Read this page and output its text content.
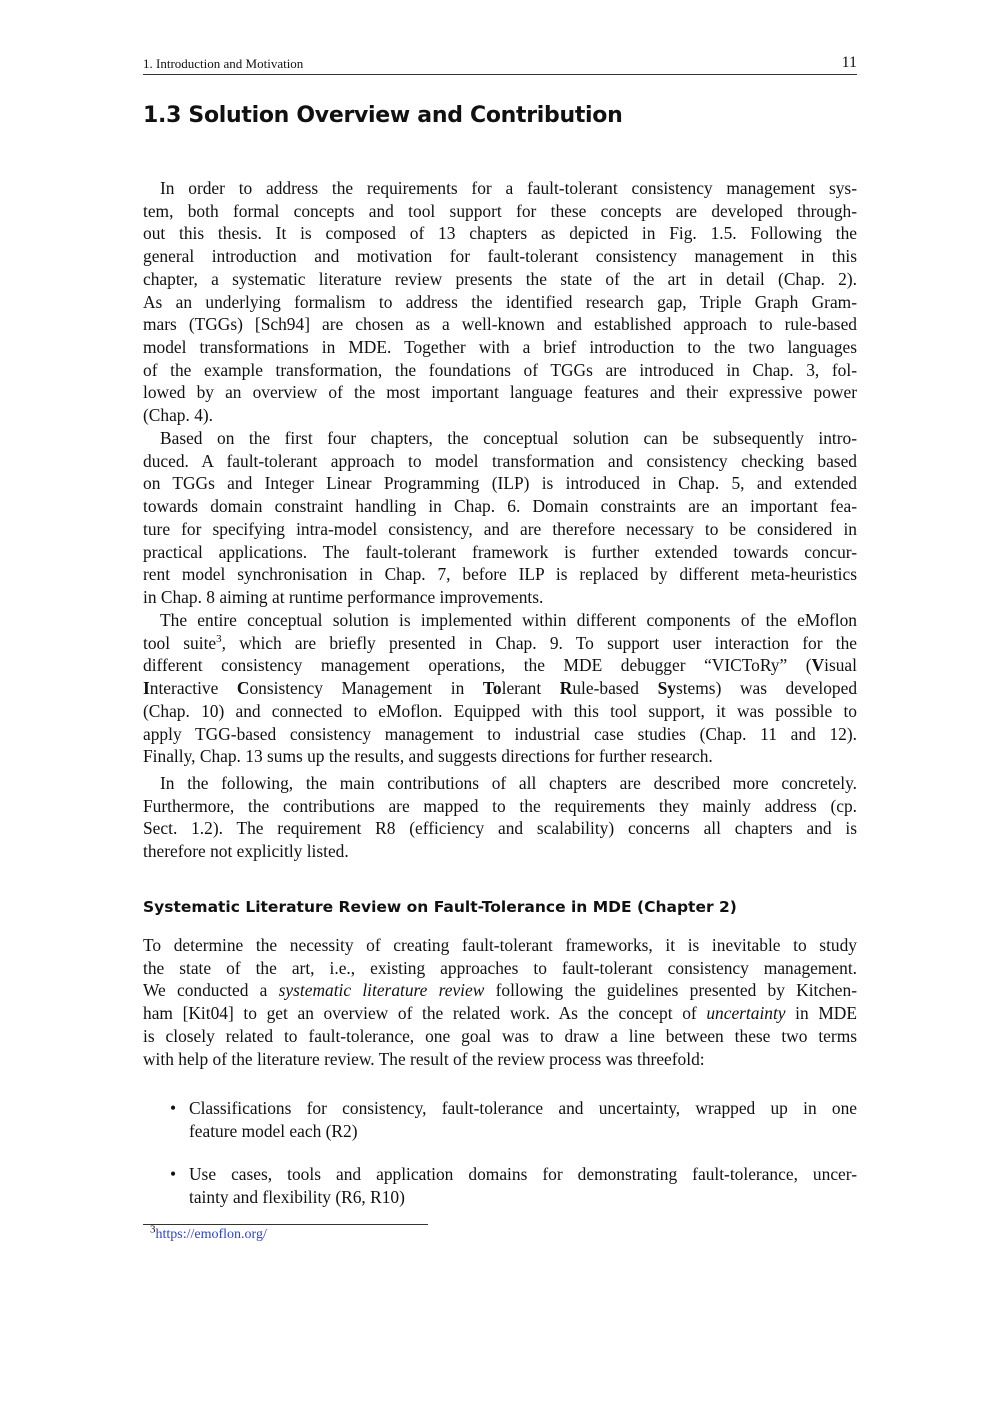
1. Introduction and Motivation	11
1.3 Solution Overview and Contribution
In order to address the requirements for a fault-tolerant consistency management sys-
tem, both formal concepts and tool support for these concepts are developed through-
out this thesis. It is composed of 13 chapters as depicted in Fig. 1.5. Following the
general introduction and motivation for fault-tolerant consistency management in this
chapter, a systematic literature review presents the state of the art in detail (Chap. 2).
As an underlying formalism to address the identified research gap, Triple Graph Gram-
mars (TGGs) [Sch94] are chosen as a well-known and established approach to rule-based
model transformations in MDE. Together with a brief introduction to the two languages
of the example transformation, the foundations of TGGs are introduced in Chap. 3, fol-
lowed by an overview of the most important language features and their expressive power
(Chap. 4).
Based on the first four chapters, the conceptual solution can be subsequently intro-
duced. A fault-tolerant approach to model transformation and consistency checking based
on TGGs and Integer Linear Programming (ILP) is introduced in Chap. 5, and extended
towards domain constraint handling in Chap. 6. Domain constraints are an important fea-
ture for specifying intra-model consistency, and are therefore necessary to be considered in
practical applications. The fault-tolerant framework is further extended towards concur-
rent model synchronisation in Chap. 7, before ILP is replaced by different meta-heuristics
in Chap. 8 aiming at runtime performance improvements.
The entire conceptual solution is implemented within different components of the eMoflon
tool suite$^3$, which are briefly presented in Chap. 9. To support user interaction for the
different consistency management operations, the MDE debugger “VICToRy” (Visual
Interactive Consistency Management in Tolerant Rule-based Systems) was developed
(Chap. 10) and connected to eMoflon. Equipped with this tool support, it was possible to
apply TGG-based consistency management to industrial case studies (Chap. 11 and 12).
Finally, Chap. 13 sums up the results, and suggests directions for further research.
In the following, the main contributions of all chapters are described more concretely.
Furthermore, the contributions are mapped to the requirements they mainly address (cp.
Sect. 1.2). The requirement R8 (efficiency and scalability) concerns all chapters and is
therefore not explicitly listed.
To determine the necessity of creating fault-tolerant frameworks, it is inevitable to study
the state of the art, i.e., existing approaches to fault-tolerant consistency management.
We conducted a systematic literature review following the guidelines presented by Kitchen-
ham [Kit04] to get an overview of the related work. As the concept of uncertainty in MDE
is closely related to fault-tolerance, one goal was to draw a line between these two terms
with help of the literature review. The result of the review process was threefold:
Systematic Literature Review on Fault-Tolerance in MDE (Chapter 2)
• Classifications for consistency, fault-tolerance and uncertainty, wrapped up in one
feature model each (R2)
• Use cases, tools and application domains for demonstrating fault-tolerance, uncer-
tainty and flexibility (R6, R10)
$^3$https://emoflon.org/
